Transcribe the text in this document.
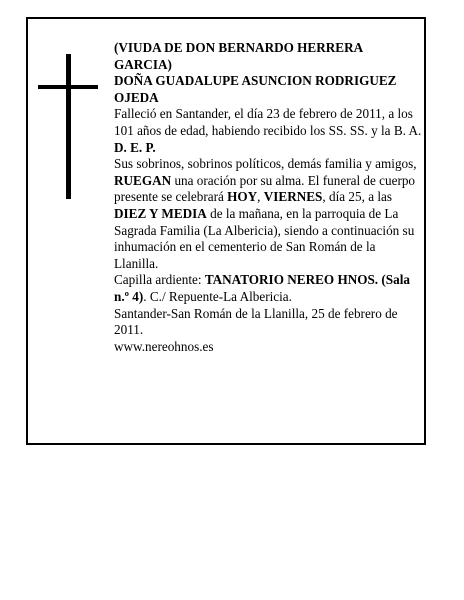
(VIUDA DE DON BERNARDO HERRERA GARCIA)

DOÑA GUADALUPE ASUNCION RODRIGUEZ OJEDA

Falleció en Santander, el día 23 de febrero de 2011, a los 101 años de edad, habiendo recibido los SS. SS. y la B. A.

D. E. P.

Sus sobrinos, sobrinos políticos, demás familia y amigos,

RUEGAN una oración por su alma. El funeral de cuerpo presente se celebrará HOY, VIERNES, día 25, a las DIEZ Y MEDIA de la mañana, en la parroquia de La Sagrada Familia (La Albericia), siendo a continuación su inhumación en el cementerio de San Román de la Llanilla.

Capilla ardiente: TANATORIO NEREO HNOS. (Sala n.º 4). C./ Repuente-La Albericia.

Santander-San Román de la Llanilla, 25 de febrero de 2011.

www.nereohnos.es
